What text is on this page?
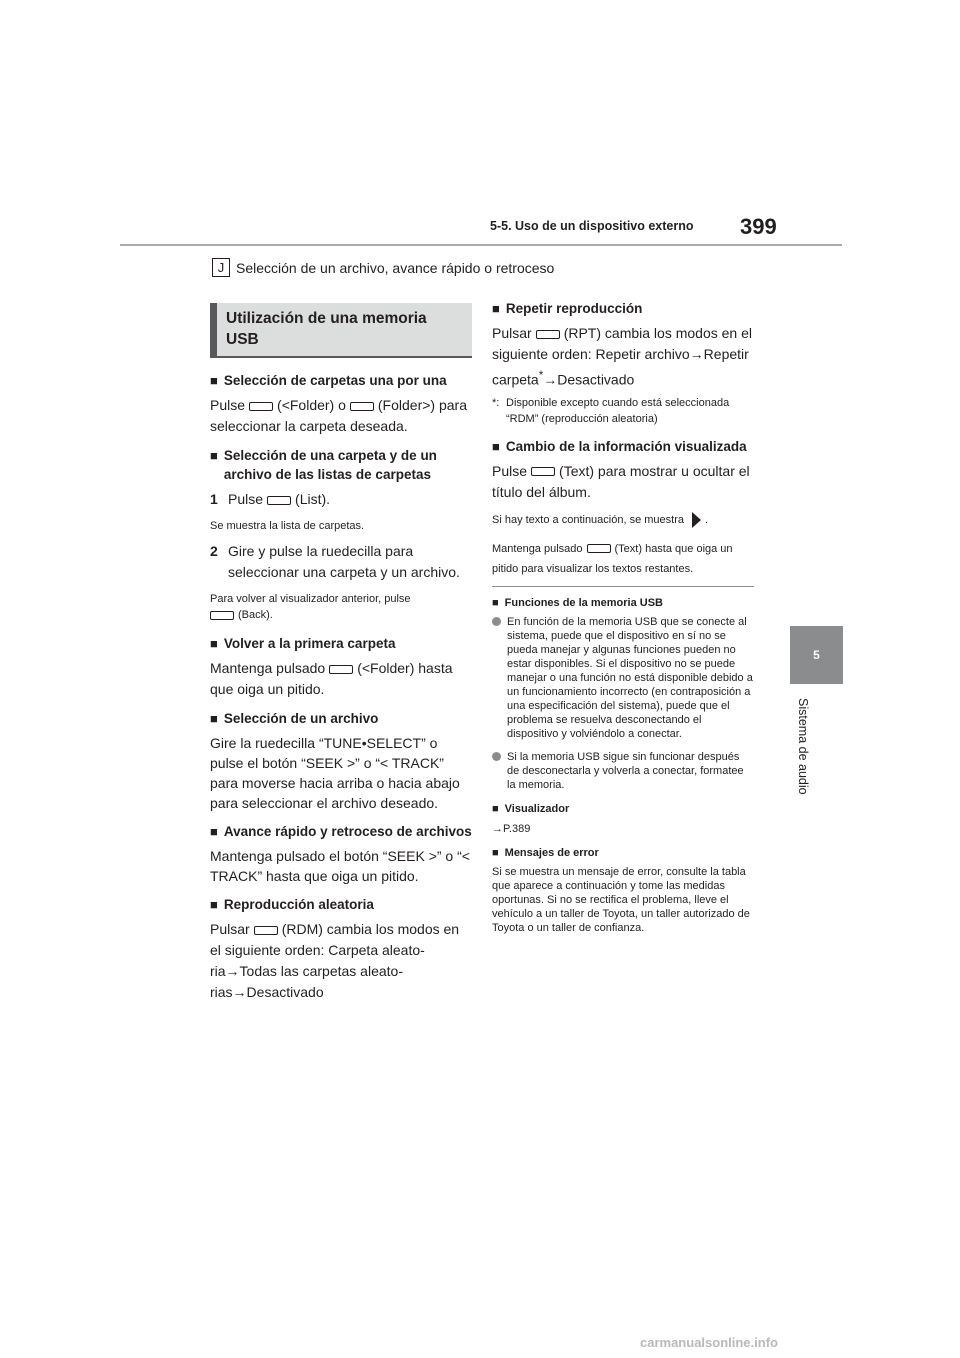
5-5. Uso de un dispositivo externo 399
5
Sistema de audio
J Selección de un archivo, avance rápido o retroceso
Utilización de una memoria USB
■ Selección de carpetas una por una
Pulse (<Folder) o (Folder>) para seleccionar la carpeta deseada.
■ Selección de una carpeta y de un archivo de las listas de carpetas
1 Pulse (List).
Se muestra la lista de carpetas.
2 Gire y pulse la ruedecilla para seleccionar una carpeta y un archivo.
Para volver al visualizador anterior, pulse
(Back).
■ Volver a la primera carpeta
Mantenga pulsado (<Folder) hasta que oiga un pitido.
■ Selección de un archivo
Gire la ruedecilla “TUNE•SELECT” o pulse el botón “SEEK >” o “< TRACK” para moverse hacia arriba o hacia abajo para seleccionar el archivo deseado.
■ Avance rápido y retroceso de archivos
Mantenga pulsado el botón “SEEK >” o “< TRACK” hasta que oiga un pitido.
■ Reproducción aleatoria
Pulsar (RDM) cambia los modos en el siguiente orden: Carpeta aleatoria→Todas las carpetas aleatorias→Desactivado
■ Repetir reproducción
Pulsar (RPT) cambia los modos en el siguiente orden: Repetir archivo→Repetir carpeta*→Desactivado
*: Disponible excepto cuando está seleccionada “RDM” (reproducción aleatoria)
■ Cambio de la información visualizada
Pulse (Text) para mostrar u ocultar el título del álbum.
Si hay texto a continuación, se muestra .
Mantenga pulsado	(Text) hasta que oiga un pitido para visualizar los textos restantes.
■ Funciones de la memoria USB
En función de la memoria USB que se conecte al sistema, puede que el dispositivo en sí no se pueda manejar y algunas funciones pueden no estar disponibles. Si el dispositivo no se puede manejar o una función no está disponible debido a un funcionamiento incorrecto (en contraposición a una especificación del sistema), puede que el problema se resuelva desconectando el dispositivo y volviéndolo a conectar.
Si la memoria USB sigue sin funcionar después de desconectarla y volverla a conectar, formatee la memoria.
■ Visualizador
→P.389
■ Mensajes de error
Si se muestra un mensaje de error, consulte la tabla que aparece a continuación y tome las medidas oportunas. Si no se rectifica el problema, lleve el vehículo a un taller de Toyota, un taller autorizado de Toyota o un taller de confianza.
carmanualsonline.info
